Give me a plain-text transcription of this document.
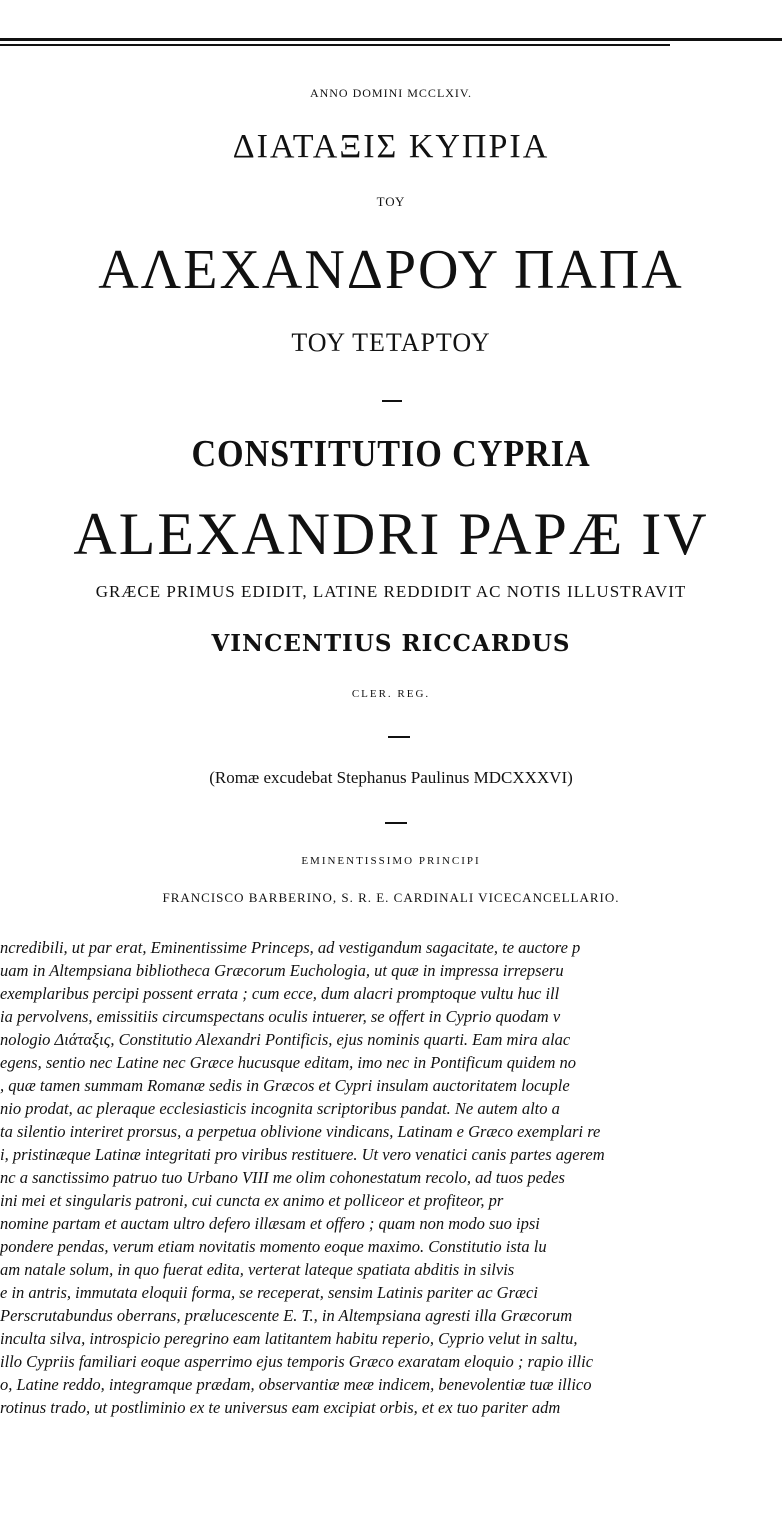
ANNO DOMINI MCCLXIV.
ΔΙΑΤΑΞΙΣ ΚΥΠΡΙΑ
ΤΟΥ
ΑΛΕΧΑΝΔΡΟΥ ΠΑΠΑ
ΤΟΥ ΤΕΤΑΡΤΟΥ
CONSTITUTIO CYPRIA
ALEXANDRI PAPÆ IV
GRÆCE PRIMUS EDIDIT, LATINE REDDIDIT AC NOTIS ILLUSTRAVIT
VINCENTIUS RICCARDUS
CLER. REG.
(Romæ excudebat Stephanus Paulinus MDCXXXVI)
EMINENTISSIMO PRINCIPI
FRANCISCO BARBERINO, S. R. E. CARDINALI VICECANCELLARIO.
ncredibili, ut par erat, Eminentissime Princeps, ad vestigandum sagacitate, te auctore p
uam in Altempsiana bibliotheca Græcorum Euchologia, ut quæ in impressa irrepseru
exemplaribus percipi possent errata ; cum ecce, dum alacri promptoque vultu huc ill
ia pervolvens, emissitiis circumspectans oculis intuerer, se offert in Cyprio quodam v
nologio Διάταξις, Constitutio Alexandri Pontificis, ejus nominis quarti. Eam mira alac
egens, sentio nec Latine nec Græce hucusque editam, imo nec in Pontificum quidem no
, quæ tamen summam Romanæ sedis in Græcos et Cypri insulam auctoritatem locuple
nio prodat, ac pleraque ecclesiasticis incognita scriptoribus pandat. Ne autem alto a
ta silentio interiret prorsus, a perpetua oblivione vindicans, Latinam e Græco exemplari re
i, pristinæque Latinæ integritati pro viribus restituere. Ut vero venatici canis partes agerem
nc a sanctissimo patruo tuo Urbano VIII me olim cohonestatum recolo, ad tuos pedes
ini mei et singularis patroni, cui cuncta ex animo et polliceor et profiteor, pr
nomine partam et auctam ultro defero illæsam et offero ; quam non modo suo ipsi
pondere pendas, verum etiam novitatis momento eoque maximo. Constitutio ista lu
am natale solum, in quo fuerat edita, verterat lateque spatiata abditis in silvis
e in antris, immutata eloquii forma, se receperat, sensim Latinis pariter ac Græci
Perscrutabundus oberrans, prælucescente E. T., in Altempsiana agresti illa Græcorum
inculta silva, introspicio peregrino eam latitantem habitu reperio, Cyprio velut in saltu,
illo Cypriis familiari eoque asperrimo ejus temporis Græco exaratam eloquio ; rapio illic
o, Latine reddo, integramque prædam, observantiæ meæ indicem, benevolentiæ tuæ illico
rotinus trado, ut postliminio ex te universus eam excipiat orbis, et ex tuo pariter adm
